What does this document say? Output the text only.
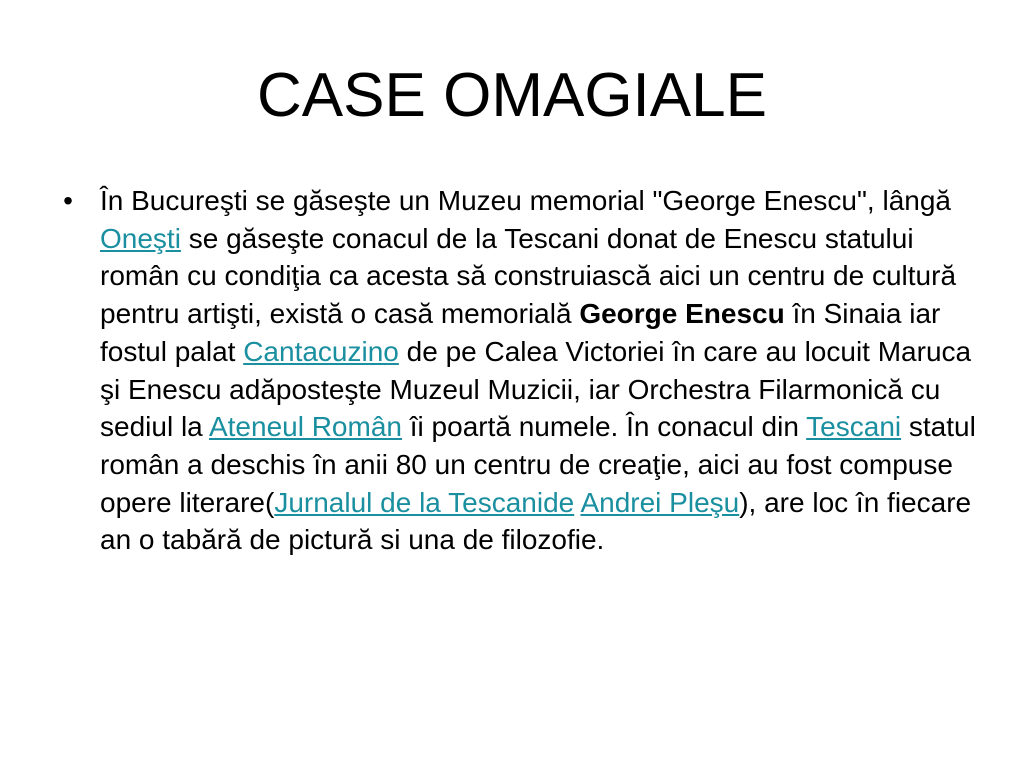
CASE OMAGIALE
• În Bucureşti se găseşte un Muzeu memorial "George Enescu", lângă Oneşti se găseşte conacul de la Tescani donat de Enescu statului român cu condiţia ca acesta să construiască aici un centru de cultură pentru artişti, există o casă memorială George Enescu în Sinaia iar fostul palat Cantacuzino de pe Calea Victoriei în care au locuit Maruca şi Enescu adăposteşte Muzeul Muzicii, iar Orchestra Filarmonică cu sediul la Ateneul Român îi poartă numele. În conacul din Tescani statul român a deschis în anii 80 un centru de creaţie, aici au fost compuse opere literare(Jurnalul de la Tescanide Andrei Pleşu), are loc în fiecare an o tabără de pictură si una de filozofie.
